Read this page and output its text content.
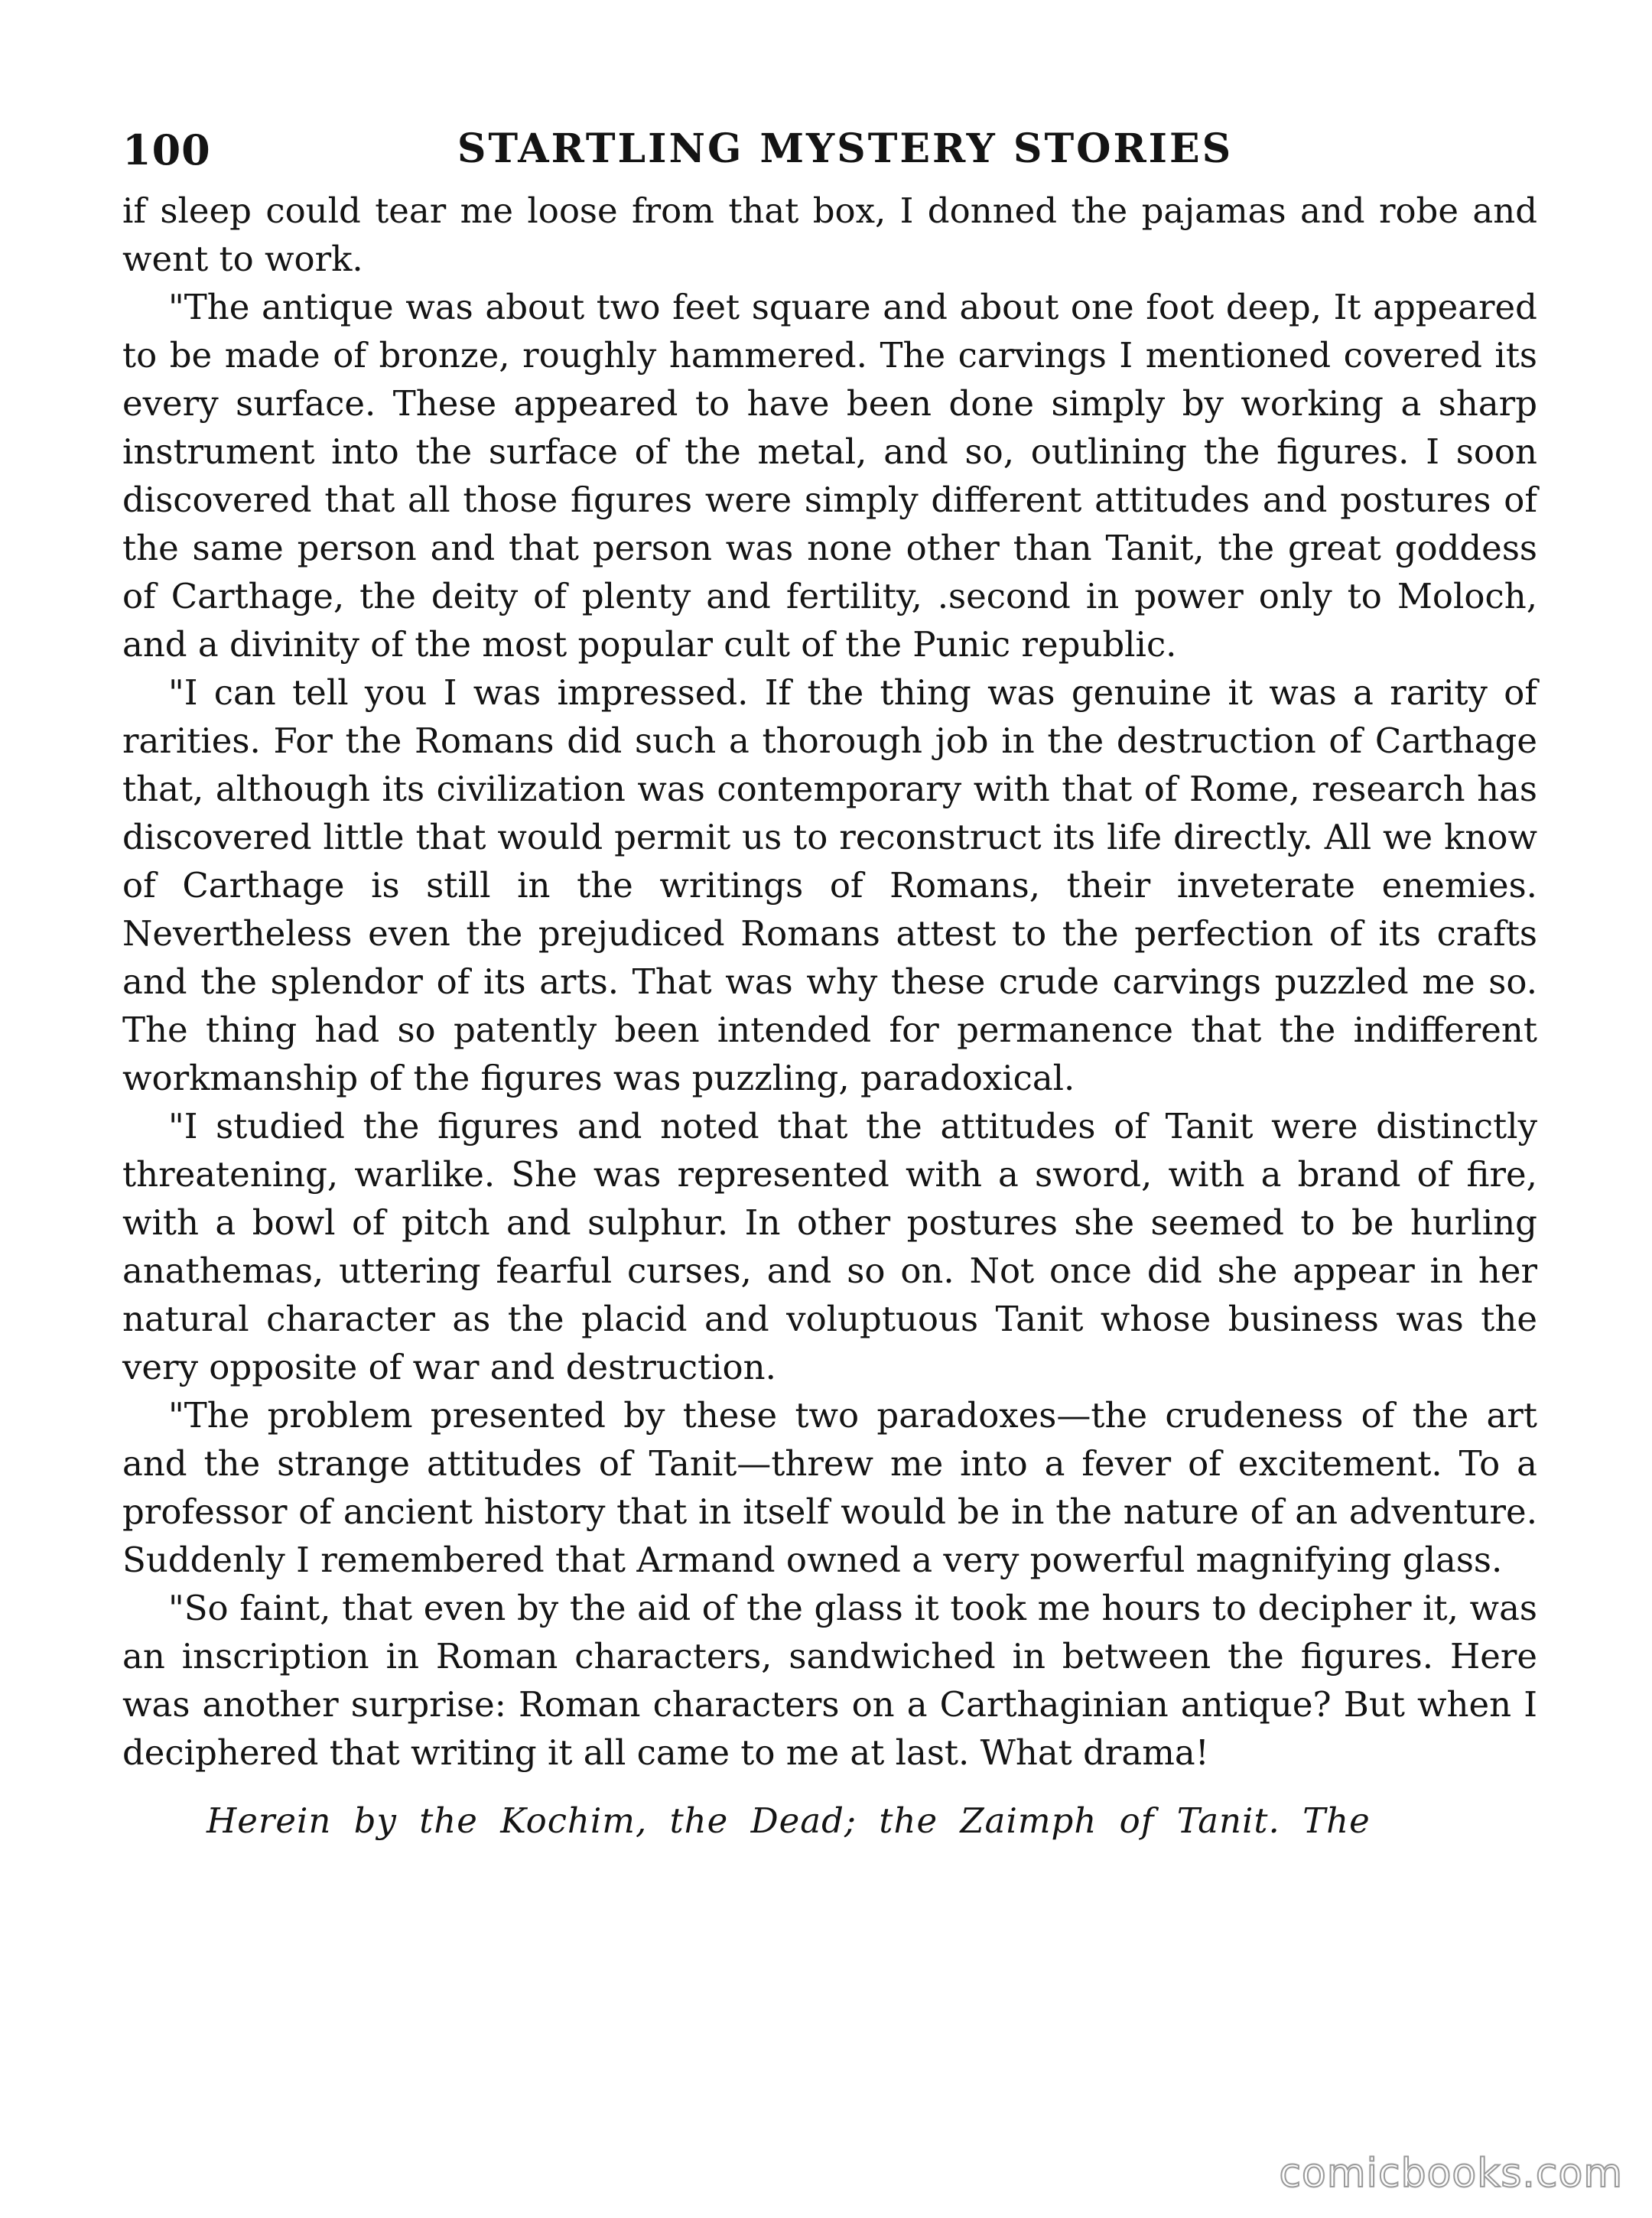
100	STARTLING MYSTERY STORIES

if sleep could tear me loose from that box, I donned the pajamas and robe and went to work.

"The antique was about two feet square and about one foot deep, It appeared to be made of bronze, roughly hammered. The carvings I mentioned covered its every surface. These appeared to have been done simply by working a sharp instrument into the surface of the metal, and so, outlining the figures. I soon discovered that all those figures were simply different attitudes and postures of the same person and that person was none other than Tanit, the great goddess of Carthage, the deity of plenty and fertility, .second in power only to Moloch, and a divinity of the most popular cult of the Punic republic.

"I can tell you I was impressed. If the thing was genuine it was a rarity of rarities. For the Romans did such a thorough job in the destruction of Carthage that, although its civilization was contemporary with that of Rome, research has discovered little that would permit us to reconstruct its life directly. All we know of Carthage is still in the writings of Romans, their inveterate enemies. Nevertheless even the prejudiced Romans attest to the perfection of its crafts and the splendor of its arts. That was why these crude carvings puzzled me so. The thing had so patently been intended for permanence that the indifferent workmanship of the figures was puzzling, paradoxical.

"I studied the figures and noted that the attitudes of Tanit were distinctly threatening, warlike. She was represented with a sword, with a brand of fire, with a bowl of pitch and sulphur. In other postures she seemed to be hurling anathemas, uttering fearful curses, and so on. Not once did she appear in her natural character as the placid and voluptuous Tanit whose business was the very opposite of war and destruction.

"The problem presented by these two paradoxes—the crudeness of the art and the strange attitudes of Tanit—threw me into a fever of excitement. To a professor of ancient history that in itself would be in the nature of an adventure. Suddenly I remembered that Armand owned a very powerful magnifying glass.

"So faint, that even by the aid of the glass it took me hours to decipher it, was an inscription in Roman characters, sandwiched in between the figures. Here was another surprise: Roman characters on a Carthaginian antique? But when I deciphered that writing it all came to me at last. What drama!

Herein by the Kochim, the Dead; the Zaimph of Tanit. The

comicbooks.com
